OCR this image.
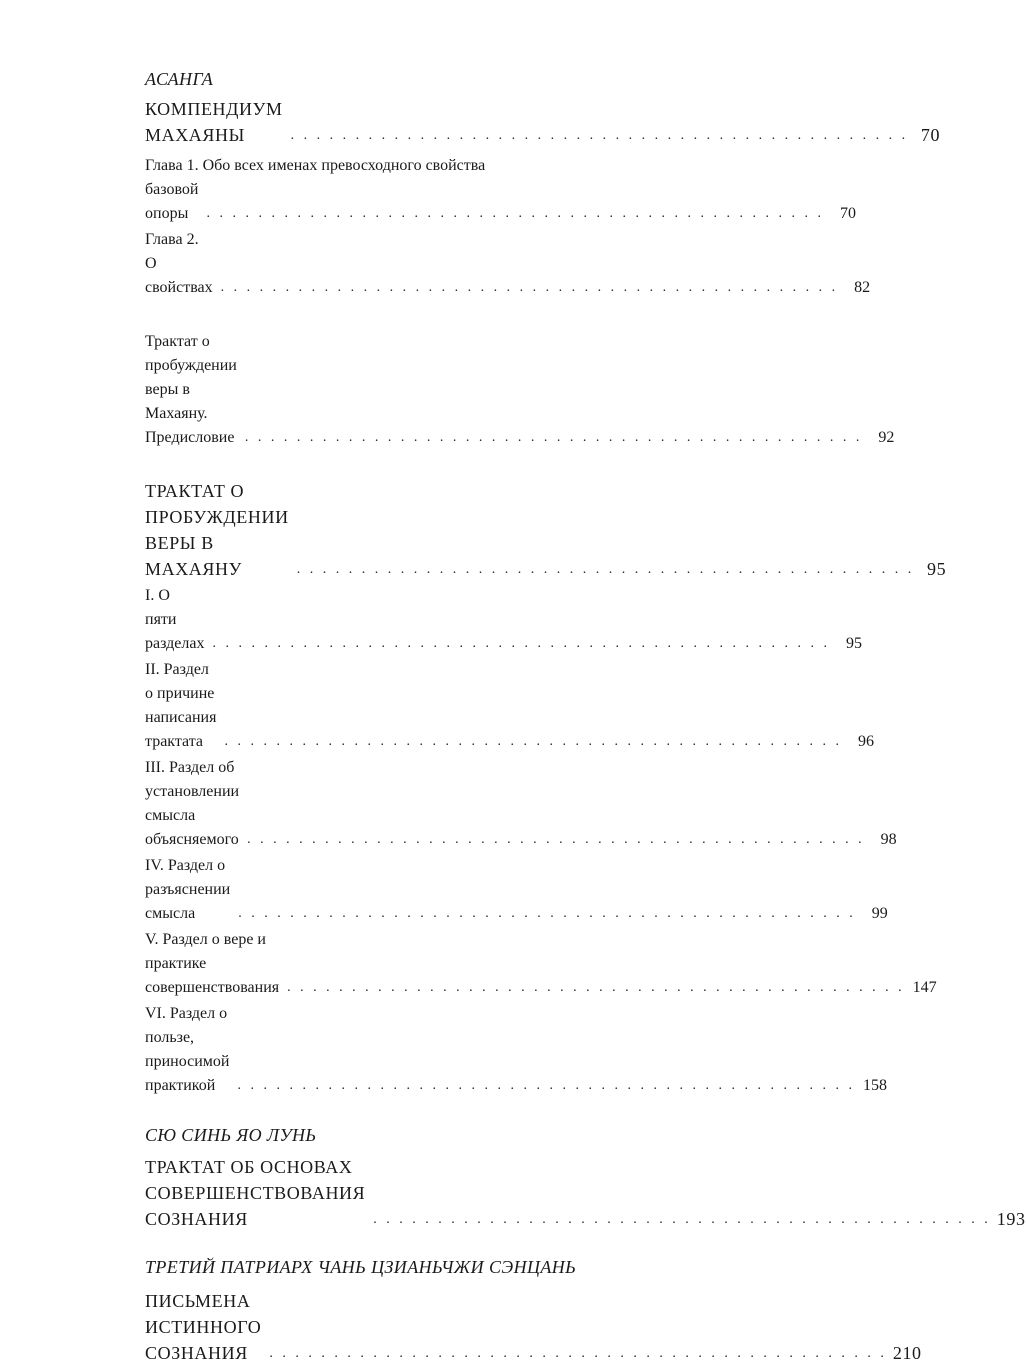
АСАНГА

КОМПЕНДИУМ МАХАЯНЫ	. . . . . . . . . . . . . . . . . . . . . . . . . . . . . . . . . . . . . . . . . . . . . . . . 70
Глава 1. Обо всех именах превосходного свойства
базовой опоры	. . . . . . . . . . . . . . . . . . . . . . . . . . . . . . . . . . . . . . . . . . . . . . . .	70
Глава 2. О свойствах . . . . . . . . . . . . . . . . . . . . . . . . . . . . . . . . . . . . . . . . . . . . . . . .	82
Трактат о пробуждении веры в Махаяну. Предисловие . . . . . . . . . . . . . . . . . . . . . . . . . . . . . . . . . . . . . . . . . . . . . . . .	92
ТРАКТАТ О ПРОБУЖДЕНИИ ВЕРЫ В МАХАЯНУ	. . . . . . . . . . . . . . . . . . . . . . . . . . . . . . . . . . . . . . . . . . . . . . . . 95
I. О пяти разделах . . . . . . . . . . . . . . . . . . . . . . . . . . . . . . . . . . . . . . . . . . . . . . . .	95
II. Раздел о причине написания трактата	. . . . . . . . . . . . . . . . . . . . . . . . . . . . . . . . . . . . . . . . . . . . . . . .	96
III. Раздел об установлении смысла объясняемого . . . . . . . . . . . . . . . . . . . . . . . . . . . . . . . . . . . . . . . . . . . . . . . .	98
IV. Раздел о разъяснении смысла	. . . . . . . . . . . . . . . . . . . . . . . . . . . . . . . . . . . . . . . . . . . . . . . .	99
V. Раздел о вере и практике совершенствования . . . . . . . . . . . . . . . . . . . . . . . . . . . . . . . . . . . . . . . . . . . . . . . . 147
VI. Раздел о пользе, приносимой практикой	. . . . . . . . . . . . . . . . . . . . . . . . . . . . . . . . . . . . . . . . . . . . . . . . 158

СЮ СИНЬ ЯО ЛУНЬ

ТРАКТАТ ОБ ОСНОВАХ
СОВЕРШЕНСТВОВАНИЯ СОЗНАНИЯ	. . . . . . . . . . . . . . . . . . . . . . . . . . . . . . . . . . . . . . . . . . . . . . . . 193

ТРЕТИЙ ПАТРИАРХ ЧАНЬ ЦЗИАНЬЧЖИ СЭНЦАНЬ

ПИСЬМЕНА ИСТИННОГО СОЗНАНИЯ	. . . . . . . . . . . . . . . . . . . . . . . . . . . . . . . . . . . . . . . . . . . . . . . . 210
